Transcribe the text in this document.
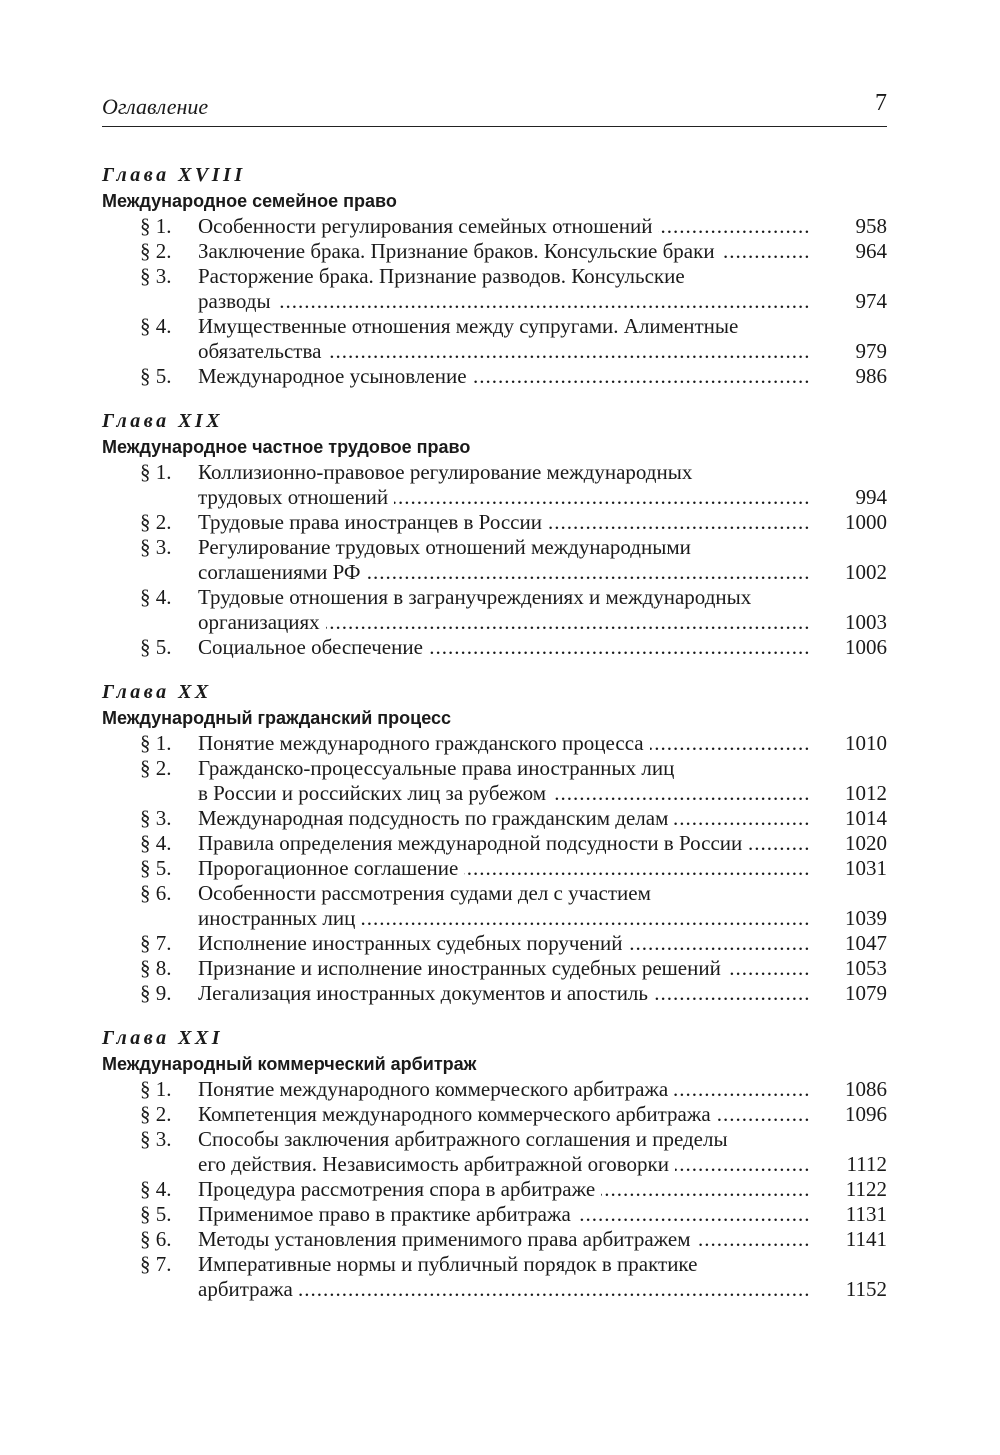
Оглавление	7
Глава XVIII
Международное семейное право
§ 1. Особенности регулирования семейных отношений .....	958
§ 2. Заключение брака. Признание браков. Консульские браки .....	964
§ 3. Расторжение брака. Признание разводов. Консульские
разводы .....	974
§ 4. Имущественные отношения между супругами. Алиментные
обязательства .....	979
§ 5. Международное усыновление .....	986
Глава XIX
Международное частное трудовое право
§ 1. Коллизионно-правовое регулирование международных
трудовых отношений .....	994
§ 2. Трудовые права иностранцев в России .....	1000
§ 3. Регулирование трудовых отношений международными
соглашениями РФ .....	1002
§ 4. Трудовые отношения в загранучреждениях и международных
организациях .....	1003
§ 5. Социальное обеспечение .....	1006
Глава XX
Международный гражданский процесс
§ 1. Понятие международного гражданского процесса .....	1010
§ 2. Гражданско-процессуальные права иностранных лиц
в России и российских лиц за рубежом .....	1012
§ 3. Международная подсудность по гражданским делам .....	1014
§ 4. Правила определения международной подсудности в России .....	1020
§ 5. Пророгационное соглашение .....	1031
§ 6. Особенности рассмотрения судами дел с участием
иностранных лиц .....	1039
§ 7. Исполнение иностранных судебных поручений .....	1047
§ 8. Признание и исполнение иностранных судебных решений .....	1053
§ 9. Легализация иностранных документов и апостиль .....	1079
Глава XXI
Международный коммерческий арбитраж
§ 1. Понятие международного коммерческого арбитража .....	1086
§ 2. Компетенция международного коммерческого арбитража .....	1096
§ 3. Способы заключения арбитражного соглашения и пределы
его действия. Независимость арбитражной оговорки .....	1112
§ 4. Процедура рассмотрения спора в арбитраже .....	1122
§ 5. Применимое право в практике арбитража .....	1131
§ 6. Методы установления применимого права арбитражем .....	1141
§ 7. Императивные нормы и публичный порядок в практике
арбитража .....	1152
